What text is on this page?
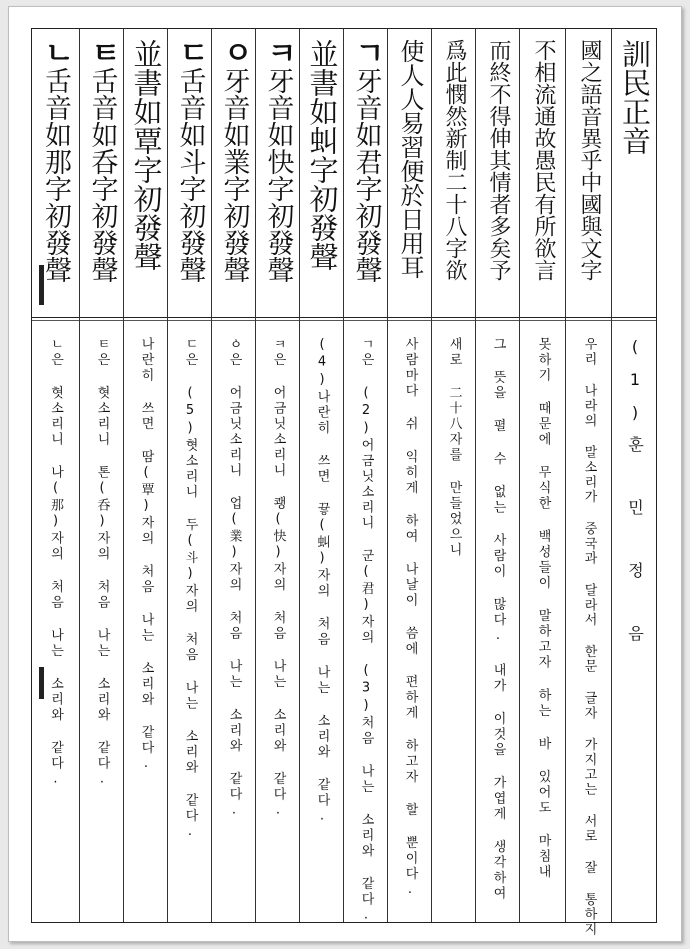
訓民正音
(1)훈 민 정 음
國之語音異乎中國與文字
우리 나라의 말소리가 중국과 달라서 한문 글자 가지고는 서로 잘 통하지
不相流通故愚民有所欲言
못하기 때문에 무식한 백성들이 말하고자 하는 바 있어도 마침내
而終不得伸其情者多矣予
그 뜻을 펼 수 없는 사람이 많다. 내가 이것을 가엽게 생각하여
爲此憫然新制二十八字欲
새로 二十八자를 만들었으니
使人人易習便於日用耳
사람마다 쉬 익히게 하여 나날이 씀에 편하게 하고자 할 뿐이다.
ㄱ
牙音如君字初發聲
ㄱ은 (2)어금닛소리니 군(君)자의 (3)처음 나는 소리와 같다.
並書如虯字初發聲
(4)나란히 쓰면 끃(虯)자의 처음 나는 소리와 같다.
ㅋ
牙音如快字初發聲
ㅋ은 어금닛소리니 쾡(快)자의 처음 나는 소리와 같다.
ㅇ
牙音如業字初發聲
ㆁ은 어금닛소리니 업(業)자의 처음 나는 소리와 같다.
ㄷ
舌音如斗字初發聲
ㄷ은 (5)혓소리니 두(斗)자의 처음 나는 소리와 같다.
並書如覃字初發聲
나란히 쓰면 땀(覃)자의 처음 나는 소리와 같다.
ㅌ
舌音如呑字初發聲
ㅌ은 혓소리니 톤(呑)자의 처음 나는 소리와 같다.
ㄴ
舌音如那字初發聲
ㄴ은 혓소리니 나(那)자의 처음 나는 소리와 같다.
